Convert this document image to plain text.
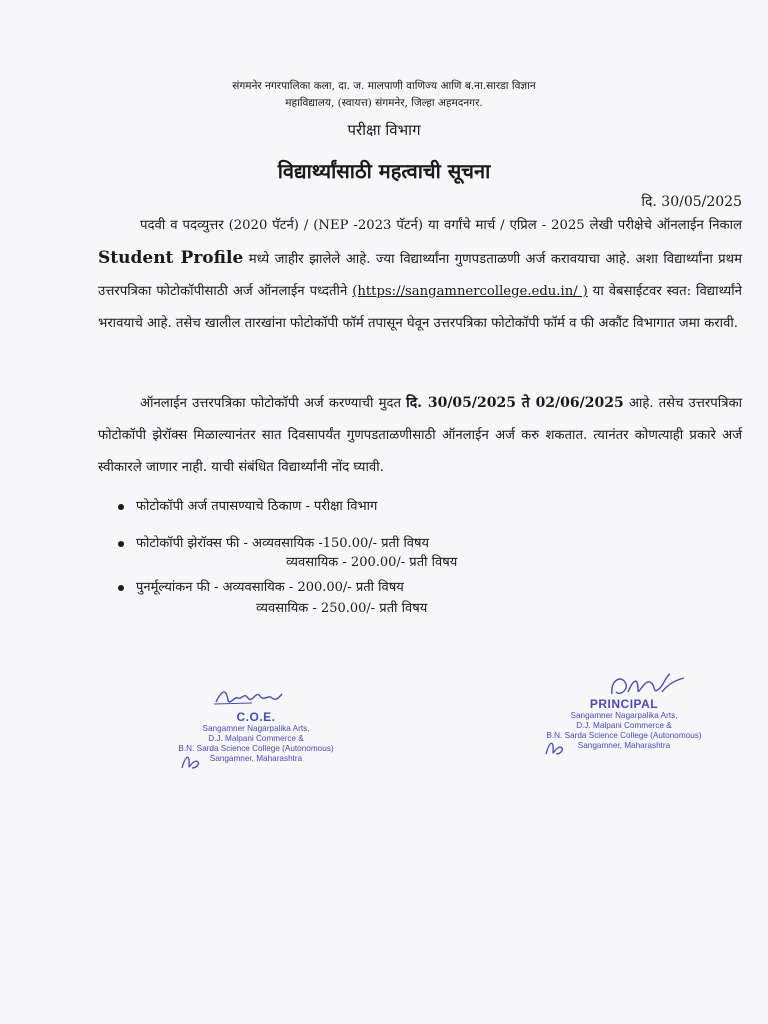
संगमनेर नगरपालिका कला, दा. ज. मालपाणी वाणिज्य आणि ब.ना.सारडा विज्ञान
महाविद्यालय, (स्वायत्त) संगमनेर, जिल्हा अहमदनगर.
परीक्षा विभाग
विद्यार्थ्यांसाठी महत्वाची सूचना
दि. 30/05/2025
पदवी व पदव्युत्तर (2020 पॅटर्न) / (NEP -2023 पॅटर्न) या वर्गांचे मार्च / एप्रिल - 2025 लेखी परीक्षेचे ऑनलाईन निकाल Student Profile मध्ये जाहीर झालेले आहे. ज्या विद्यार्थ्यांना गुणपडताळणी अर्ज करावयाचा आहे. अशा विद्यार्थ्यांना प्रथम उत्तरपत्रिका फोटोकॉपीसाठी अर्ज ऑनलाईन पध्दतीने (https://sangamnercollege.edu.in/ ) या वेबसाईटवर स्वत: विद्यार्थ्यांने भरावयाचे आहे. तसेच खालील तारखांना फोटोकॉपी फॉर्म तपासून घेवून उत्तरपत्रिका फोटोकॉपी फॉर्म व फी अकौंट विभागात जमा करावी.
ऑनलाईन उत्तरपत्रिका फोटोकॉपी अर्ज करण्याची मुदत दि. 30/05/2025 ते 02/06/2025 आहे. तसेच उत्तरपत्रिका फोटोकॉपी झेरॉक्स मिळाल्यानंतर सात दिवसापर्यंत गुणपडताळणीसाठी ऑनलाईन अर्ज करु शकतात. त्यानंतर कोणत्याही प्रकारे अर्ज स्वीकारले जाणार नाही. याची संबंधित विद्यार्थ्यांनी नोंद घ्यावी.
फोटोकॉपी अर्ज तपासण्याचे ठिकाण - परीक्षा विभाग
फोटोकॉपी झेरॉक्स फी - अव्यवसायिक -150.00/- प्रती विषय
व्यवसायिक - 200.00/- प्रती विषय
पुनर्मूल्यांकन फी - अव्यवसायिक - 200.00/- प्रती विषय
व्यवसायिक - 250.00/- प्रती विषय
C.O.E.
Sangamner Nagarpalika Arts,
D.J. Malpani Commerce &
B.N. Sarda Science College (Autonomous)
Sangamner, Maharashtra
PRINCIPAL
Sangamner Nagarpalika Arts,
D.J. Malpani Commerce &
B.N. Sarda Science College (Autonomous)
Sangamner, Maharashtra
